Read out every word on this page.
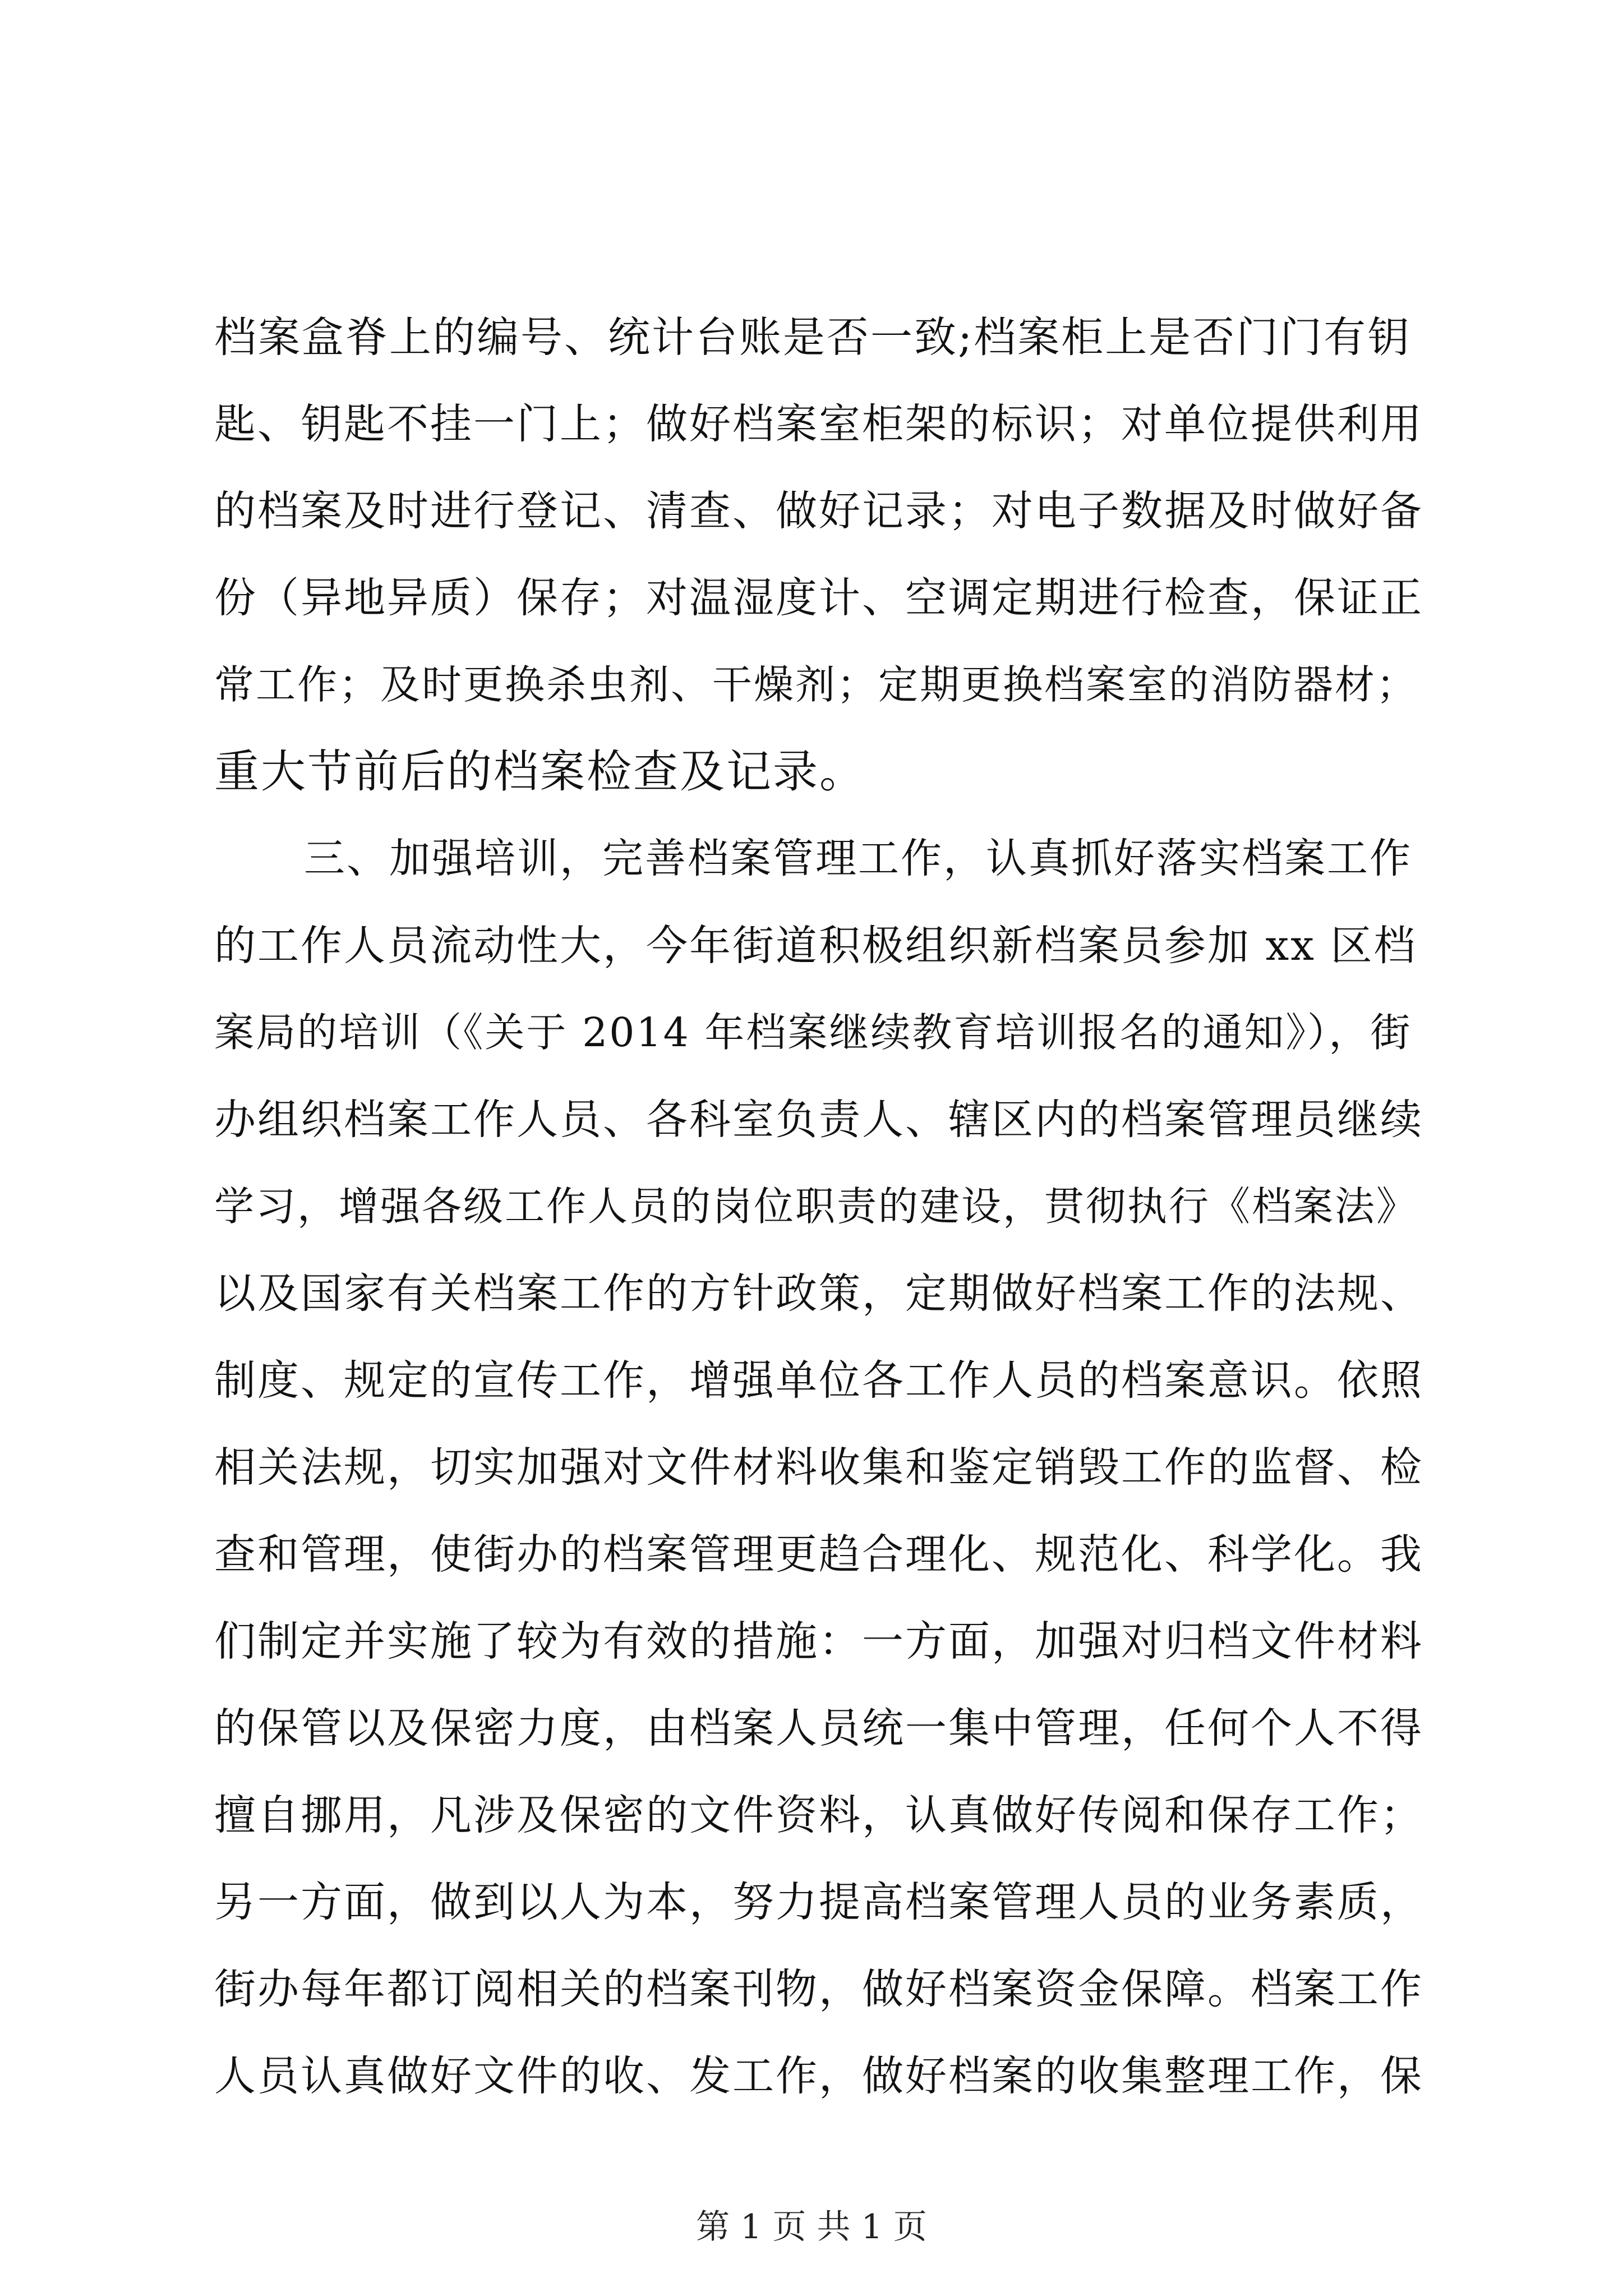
档案盒脊上的编号、统计台账是否一致;档案柜上是否门门有钥
匙、钥匙不挂一门上；做好档案室柜架的标识；对单位提供利用
的档案及时进行登记、清查、做好记录；对电子数据及时做好备
份（异地异质）保存；对温湿度计、空调定期进行检查，保证正
常工作；及时更换杀虫剂、干燥剂；定期更换档案室的消防器材；
重大节前后的档案检查及记录。
三、加强培训，完善档案管理工作，认真抓好落实档案工作
的工作人员流动性大，今年街道积极组织新档案员参加 xx 区档
案局的培训（《关于 2014 年档案继续教育培训报名的通知》），街
办组织档案工作人员、各科室负责人、辖区内的档案管理员继续
学习，增强各级工作人员的岗位职责的建设，贯彻执行《档案法》
以及国家有关档案工作的方针政策，定期做好档案工作的法规、
制度、规定的宣传工作，增强单位各工作人员的档案意识。依照
相关法规，切实加强对文件材料收集和鉴定销毁工作的监督、检
查和管理，使街办的档案管理更趋合理化、规范化、科学化。我
们制定并实施了较为有效的措施：一方面，加强对归档文件材料
的保管以及保密力度，由档案人员统一集中管理，任何个人不得
擅自挪用，凡涉及保密的文件资料，认真做好传阅和保存工作；
另一方面，做到以人为本，努力提高档案管理人员的业务素质，
街办每年都订阅相关的档案刊物，做好档案资金保障。档案工作
人员认真做好文件的收、发工作，做好档案的收集整理工作，保
第 1 页 共 1 页
